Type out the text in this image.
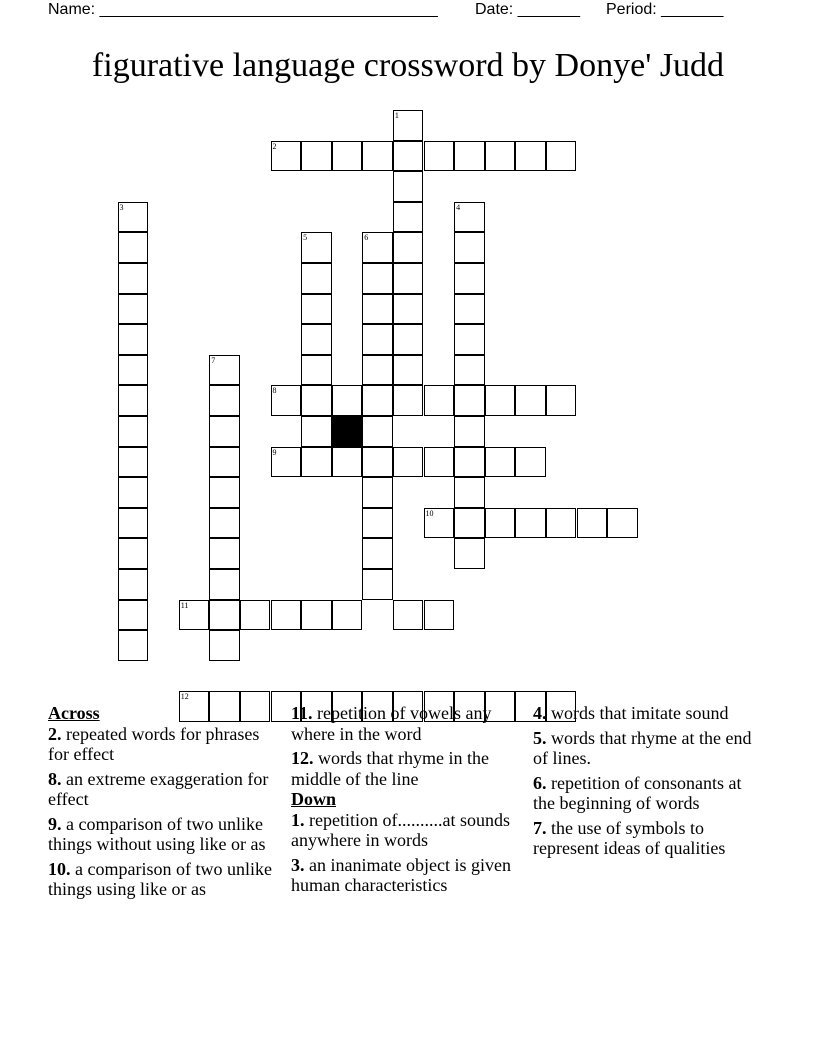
Name: ______________________________________ Date: _______ Period: _______
figurative language crossword by Donye' Judd
1
2
3	4
5	6
7
8
9
10
11
12
Across
2. repeated words for phrases for effect
8. an extreme exaggeration for effect
9. a comparison of two unlike things without using like or as
10. a comparison of two unlike things using like or as
11. repetition of vowels any where in the word
12. words that rhyme in the middle of the line
Down
1. repetition of..........at sounds anywhere in words
3. an inanimate object is given human characteristics
4. words that imitate sound
5. words that rhyme at the end of lines.
6. repetition of consonants at the beginning of words
7. the use of symbols to represent ideas of qualities
